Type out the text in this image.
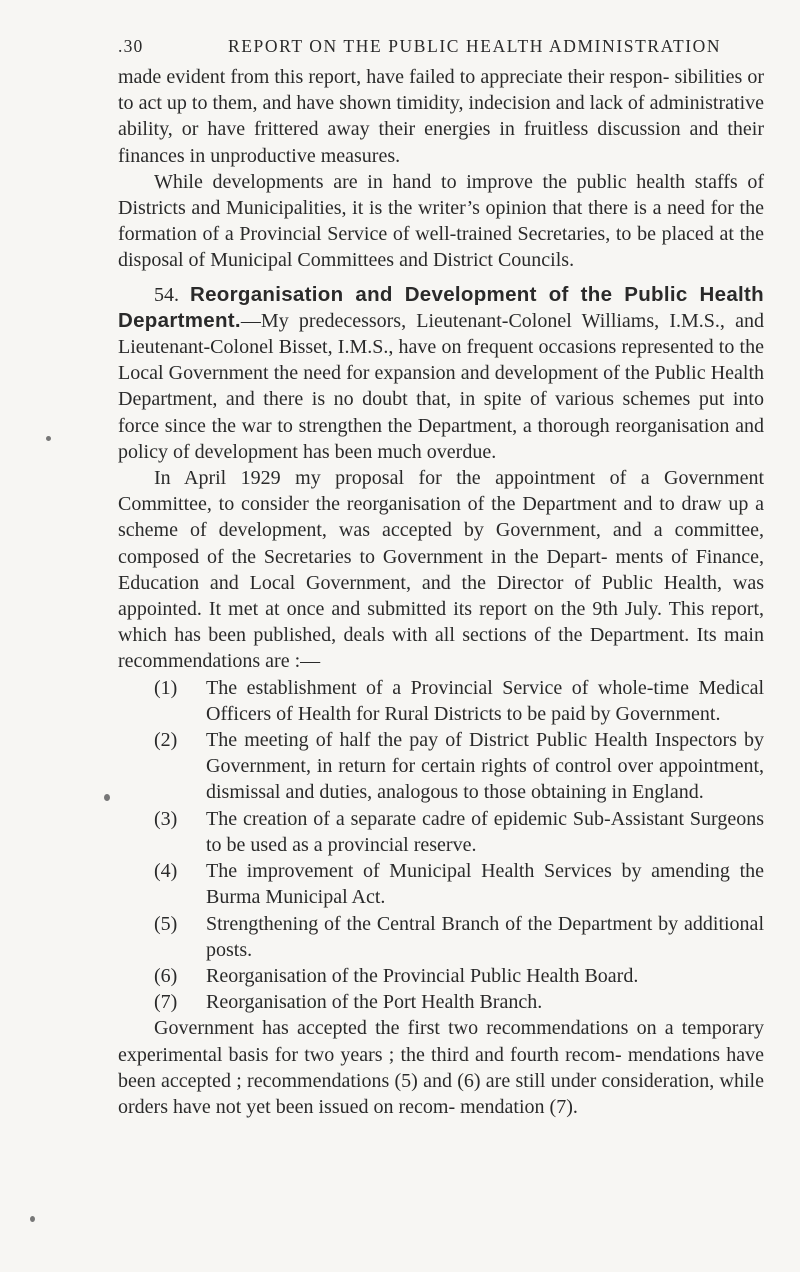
.30	REPORT ON THE PUBLIC HEALTH ADMINISTRATION

made evident from this report, have failed to appreciate their respon- sibilities or to act up to them, and have shown timidity, indecision and lack of administrative ability, or have frittered away their energies in fruitless discussion and their finances in unproductive measures.

While developments are in hand to improve the public health staffs of Districts and Municipalities, it is the writer’s opinion that there is a need for the formation of a Provincial Service of well-trained Secretaries, to be placed at the disposal of Municipal Committees and District Councils.

54. Reorganisation and Development of the Public Health Department.—My predecessors, Lieutenant-Colonel Williams, I.M.S., and Lieutenant-Colonel Bisset, I.M.S., have on frequent occasions represented to the Local Government the need for expansion and development of the Public Health Department, and there is no doubt that, in spite of various schemes put into force since the war to strengthen the Department, a thorough reorganisation and policy of development has been much overdue.

In April 1929 my proposal for the appointment of a Government Committee, to consider the reorganisation of the Department and to draw up a scheme of development, was accepted by Government, and a committee, composed of the Secretaries to Government in the Depart- ments of Finance, Education and Local Government, and the Director of Public Health, was appointed. It met at once and submitted its report on the 9th July. This report, which has been published, deals with all sections of the Department. Its main recommendations are :—

(1) The establishment of a Provincial Service of whole-time Medical Officers of Health for Rural Districts to be paid by Government.
(2) The meeting of half the pay of District Public Health Inspectors by Government, in return for certain rights of control over appointment, dismissal and duties, analogous to those obtaining in England.
(3) The creation of a separate cadre of epidemic Sub-Assistant Surgeons to be used as a provincial reserve.
(4) The improvement of Municipal Health Services by amending the Burma Municipal Act.
(5) Strengthening of the Central Branch of the Department by additional posts.
(6) Reorganisation of the Provincial Public Health Board.
(7) Reorganisation of the Port Health Branch.

Government has accepted the first two recommendations on a temporary experimental basis for two years ; the third and fourth recom- mendations have been accepted ; recommendations (5) and (6) are still under consideration, while orders have not yet been issued on recom- mendation (7).
